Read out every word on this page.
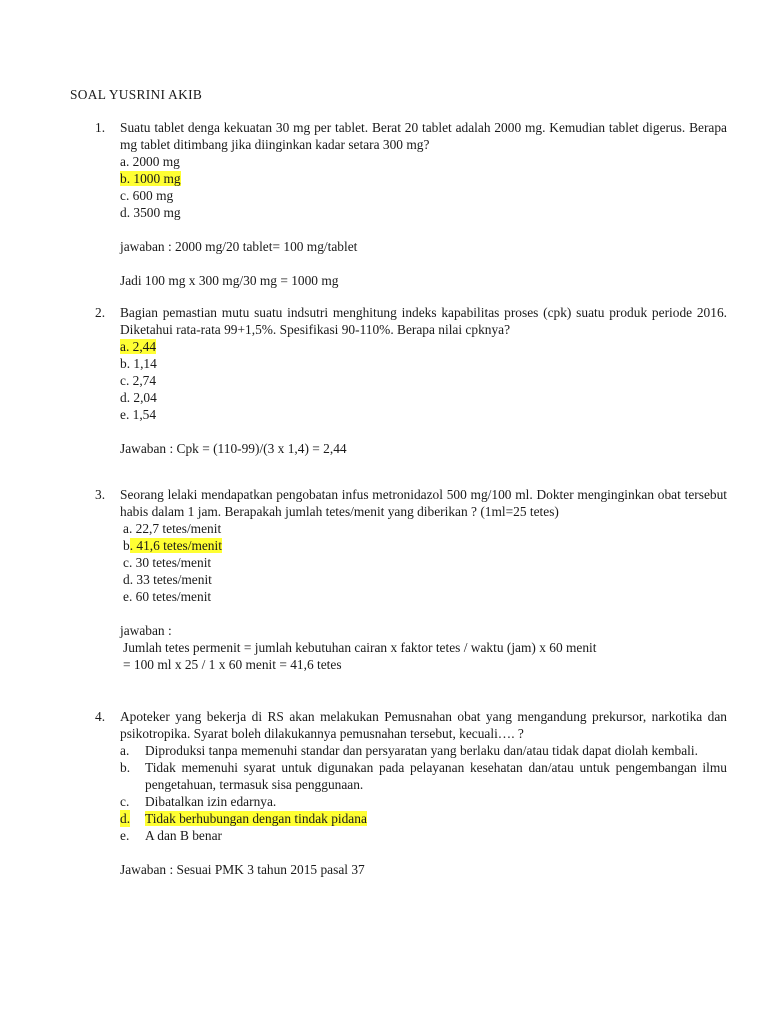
SOAL YUSRINI AKIB
1. Suatu tablet denga kekuatan 30 mg per tablet. Berat 20 tablet adalah 2000 mg. Kemudian tablet digerus. Berapa mg tablet ditimbang jika diinginkan kadar setara 300 mg?
a. 2000 mg
b. 1000 mg
c. 600 mg
d. 3500 mg
jawaban : 2000 mg/20 tablet= 100 mg/tablet
Jadi 100 mg x 300 mg/30 mg = 1000 mg
2. Bagian pemastian mutu suatu indsutri menghitung indeks kapabilitas proses (cpk) suatu produk periode 2016. Diketahui rata-rata 99+1,5%. Spesifikasi 90-110%. Berapa nilai cpknya?
a. 2,44
b. 1,14
c. 2,74
d. 2,04
e. 1,54
Jawaban : Cpk = (110-99)/(3 x 1,4) = 2,44
3. Seorang lelaki mendapatkan pengobatan infus metronidazol 500 mg/100 ml. Dokter menginginkan obat tersebut habis dalam 1 jam. Berapakah jumlah tetes/menit yang diberikan ? (1ml=25 tetes)
a. 22,7 tetes/menit
b. 41,6 tetes/menit
c. 30 tetes/menit
d. 33 tetes/menit
e. 60 tetes/menit
jawaban :
Jumlah tetes permenit = jumlah kebutuhan cairan x faktor tetes / waktu (jam) x 60 menit
= 100 ml x 25 / 1 x 60 menit = 41,6 tetes
4. Apoteker yang bekerja di RS akan melakukan Pemusnahan obat yang mengandung prekursor, narkotika dan psikotropika. Syarat boleh dilakukannya pemusnahan tersebut, kecuali…. ?
a. Diproduksi tanpa memenuhi standar dan persyaratan yang berlaku dan/atau tidak dapat diolah kembali.
b. Tidak memenuhi syarat untuk digunakan pada pelayanan kesehatan dan/atau untuk pengembangan ilmu pengetahuan, termasuk sisa penggunaan.
c. Dibatalkan izin edarnya.
d. Tidak berhubungan dengan tindak pidana
e. A dan B benar
Jawaban : Sesuai PMK 3 tahun 2015 pasal 37
